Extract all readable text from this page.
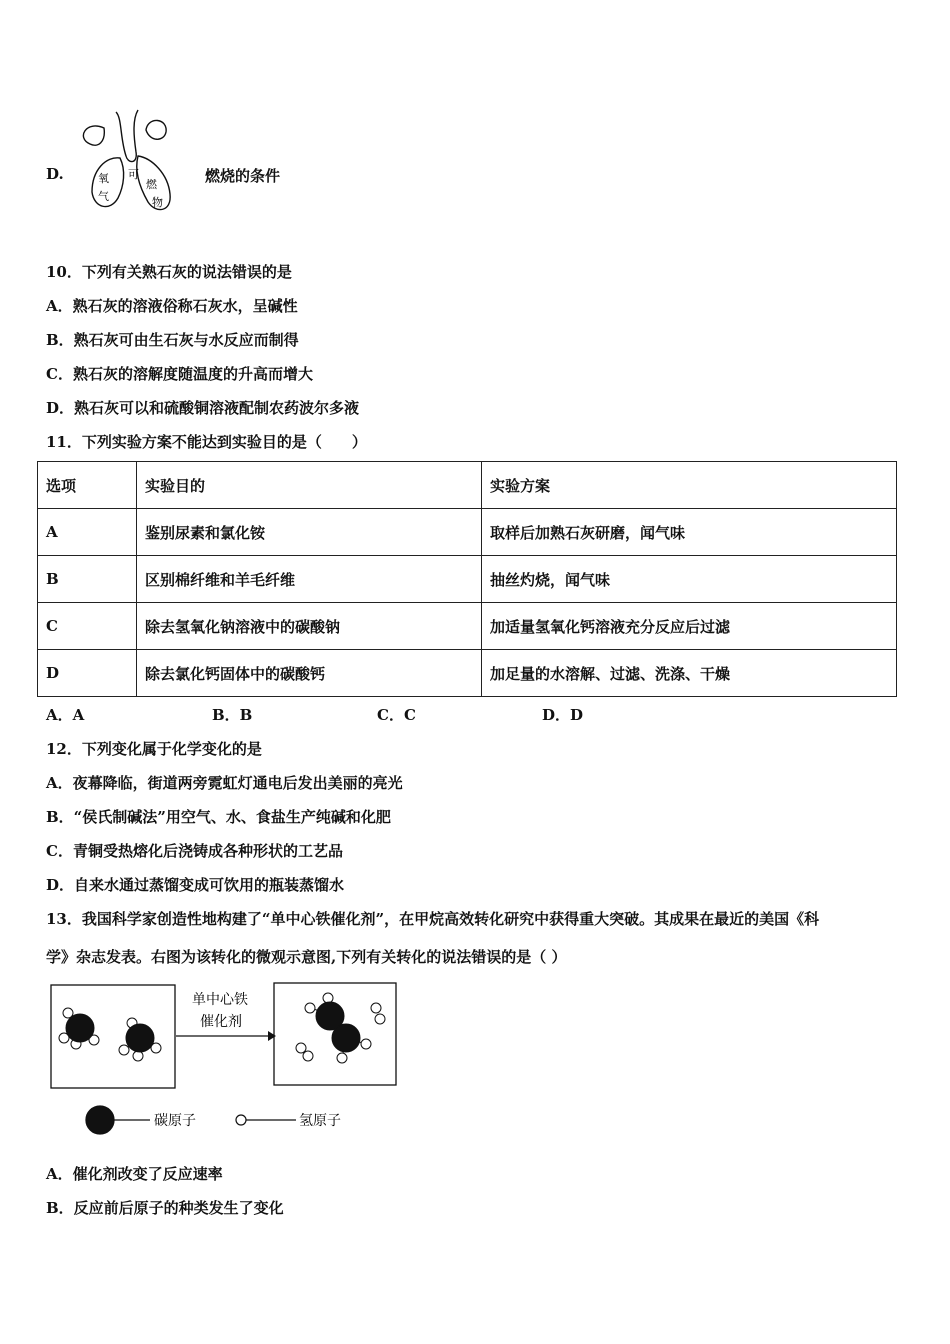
D.	氧
气
可
燃
物
燃烧的条件
10．下列有关熟石灰的说法错误的是
A．熟石灰的溶液俗称石灰水，呈碱性
B．熟石灰可由生石灰与水反应而制得
C．熟石灰的溶解度随温度的升高而增大
D．熟石灰可以和硫酸铜溶液配制农药波尔多液
11．下列实验方案不能达到实验目的是（　　）
选项	实验目的	实验方案
A	鉴别尿素和氯化铵	取样后加熟石灰研磨，闻气味
B	区别棉纤维和羊毛纤维	抽丝灼烧，闻气味
C	除去氢氧化钠溶液中的碳酸钠	加适量氢氧化钙溶液充分反应后过滤
D	除去氯化钙固体中的碳酸钙	加足量的水溶解、过滤、洗涤、干燥
A．A	B．B	C．C	D．D
12．下列变化属于化学变化的是
A．夜幕降临，街道两旁霓虹灯通电后发出美丽的亮光
B．“侯氏制碱法”用空气、水、食盐生产纯碱和化肥
C．青铜受热熔化后浇铸成各种形状的工艺品
D．自来水通过蒸馏变成可饮用的瓶装蒸馏水
13．我国科学家创造性地构建了“单中心铁催化剂”，在甲烷高效转化研究中获得重大突破。其成果在最近的美国《科
学》杂志发表。右图为该转化的微观示意图,下列有关转化的说法错误的是（ ）
单中心铁
催化剂
碳原子	氢原子
A．催化剂改变了反应速率
B．反应前后原子的种类发生了变化
